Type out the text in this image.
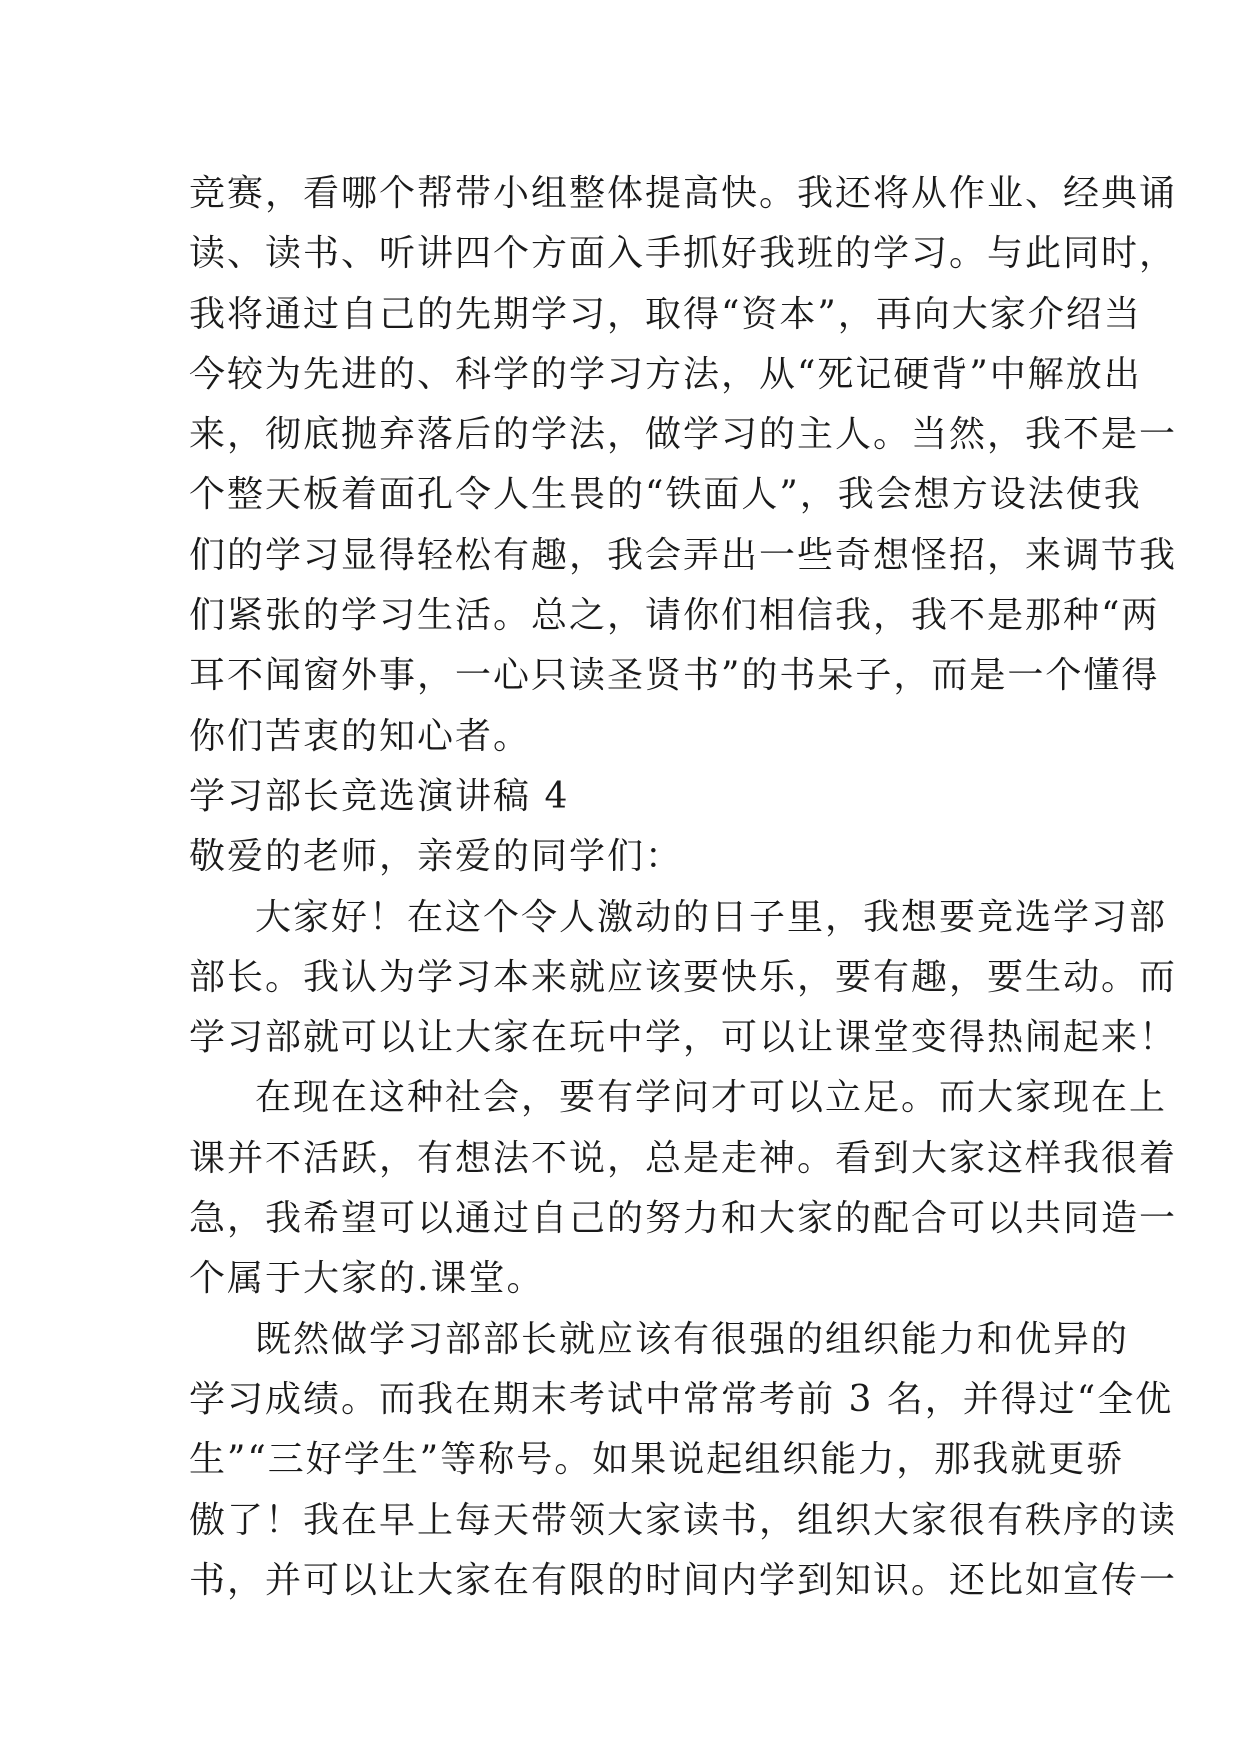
竞赛，看哪个帮带小组整体提高快。我还将从作业、经典诵
读、读书、听讲四个方面入手抓好我班的学习。与此同时，
我将通过自己的先期学习，取得“资本”，再向大家介绍当
今较为先进的、科学的学习方法，从“死记硬背”中解放出
来，彻底抛弃落后的学法，做学习的主人。当然，我不是一
个整天板着面孔令人生畏的“铁面人”，我会想方设法使我
们的学习显得轻松有趣，我会弄出一些奇想怪招，来调节我
们紧张的学习生活。总之，请你们相信我，我不是那种“两
耳不闻窗外事，一心只读圣贤书”的书呆子，而是一个懂得
你们苦衷的知心者。
学习部长竞选演讲稿 4
敬爱的老师，亲爱的同学们：
大家好！在这个令人激动的日子里，我想要竞选学习部
部长。我认为学习本来就应该要快乐，要有趣，要生动。而
学习部就可以让大家在玩中学，可以让课堂变得热闹起来！
在现在这种社会，要有学问才可以立足。而大家现在上
课并不活跃，有想法不说，总是走神。看到大家这样我很着
急，我希望可以通过自己的努力和大家的配合可以共同造一
个属于大家的.课堂。
既然做学习部部长就应该有很强的组织能力和优异的
学习成绩。而我在期末考试中常常考前 3 名，并得过“全优
生”“三好学生”等称号。如果说起组织能力，那我就更骄
傲了！我在早上每天带领大家读书，组织大家很有秩序的读
书，并可以让大家在有限的时间内学到知识。还比如宣传一
